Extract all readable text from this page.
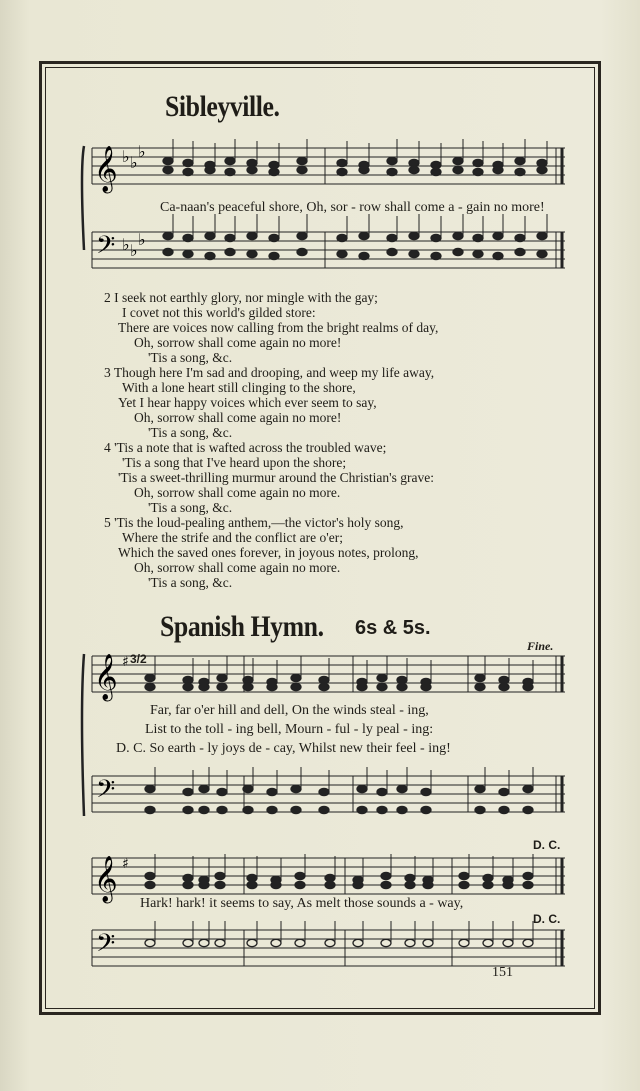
Sibleyville.
𝄞 ♭ ♭
♭
Ca-naan's peaceful shore, Oh, sor - row shall come a - gain no more!
𝄢 ♭ ♭
♭
2 I seek not earthly glory, nor mingle with the gay;
I covet not this world's gilded store:
There are voices now calling from the bright realms of day,
Oh, sorrow shall come again no more!
'Tis a song, &c.
3 Though here I'm sad and drooping, and weep my life away,
With a lone heart still clinging to the shore,
Yet I hear happy voices which ever seem to say,
Oh, sorrow shall come again no more!
'Tis a song, &c.
4 'Tis a note that is wafted across the troubled wave;
'Tis a song that I've heard upon the shore;
'Tis a sweet-thrilling murmur around the Christian's grave:
Oh, sorrow shall come again no more.
'Tis a song, &c.
5 'Tis the loud-pealing anthem,—the victor's holy song,
Where the strife and the conflict are o'er;
Which the saved ones forever, in joyous notes, prolong,
Oh, sorrow shall come again no more.
'Tis a song, &c.
Spanish Hymn. 6s & 5s.
Fine.
𝄞 ♯ 3/2
Far, far o'er hill and dell, On the winds steal - ing,
List to the toll - ing bell, Mourn - ful - ly peal - ing:
D. C. So earth - ly joys de - cay, Whilst new their feel - ing!
𝄢
D. C.
𝄞 ♯
Hark! hark! it seems to say, As melt those sounds a - way,
D. C.
𝄢
151
